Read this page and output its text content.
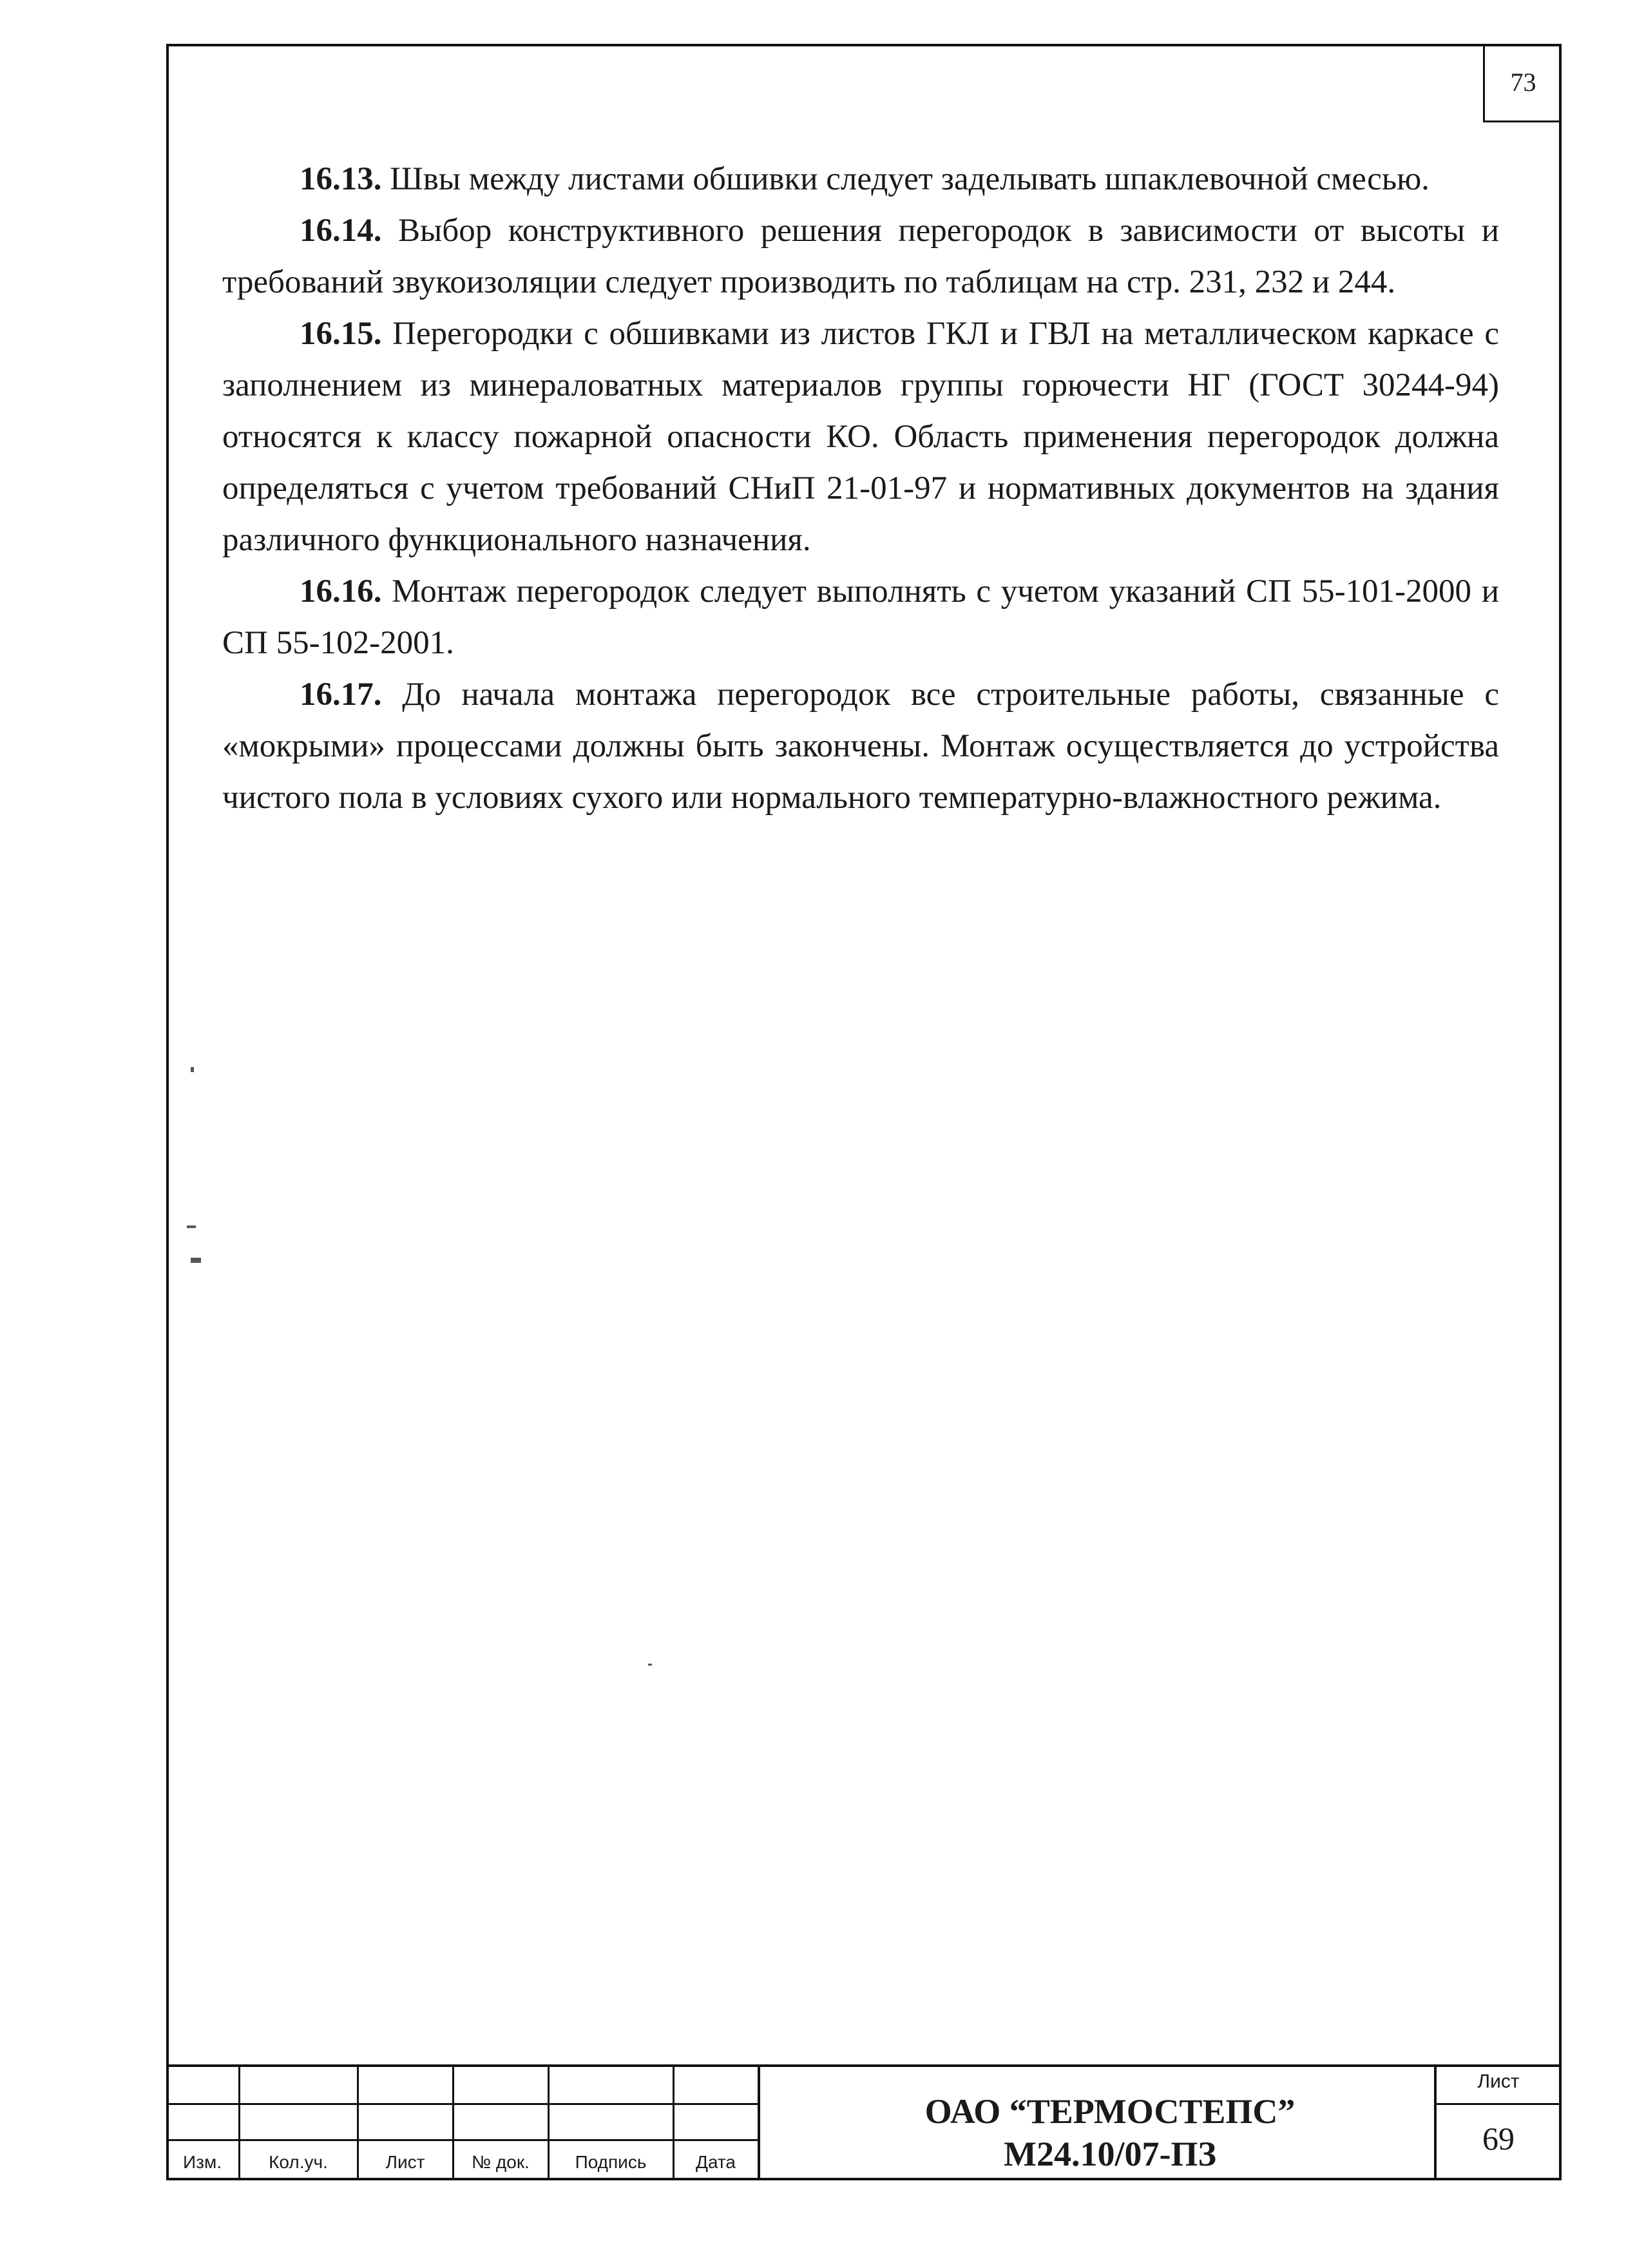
73

16.13. Швы между листами обшивки следует заделывать шпаклевочной смесью.

16.14. Выбор конструктивного решения перегородок в зависимости от высоты и требований звукоизоляции следует производить по таблицам на стр. 231, 232 и 244.

16.15. Перегородки с обшивками из листов ГКЛ и ГВЛ на металлическом каркасе с заполнением из минераловатных материалов группы горючести НГ (ГОСТ 30244-94) относятся к классу пожарной опасности КО. Область применения перегородок должна определяться с учетом требований СНиП 21-01-97 и нормативных документов на здания различного функционального назначения.

16.16. Монтаж перегородок следует выполнять с учетом указаний СП 55-101-2000 и СП 55-102-2001.

16.17. До начала монтажа перегородок все строительные работы, связанные с «мокрыми» процессами должны быть закончены. Монтаж осуществляется до устройства чистого пола в условиях сухого или нормального температурно-влажностного режима.

Изм.	Кол.уч.	Лист	№ док.	Подпись	Дата
ОАО “ТЕРМОСТЕПС”
М24.10/07-ПЗ
Лист
69
